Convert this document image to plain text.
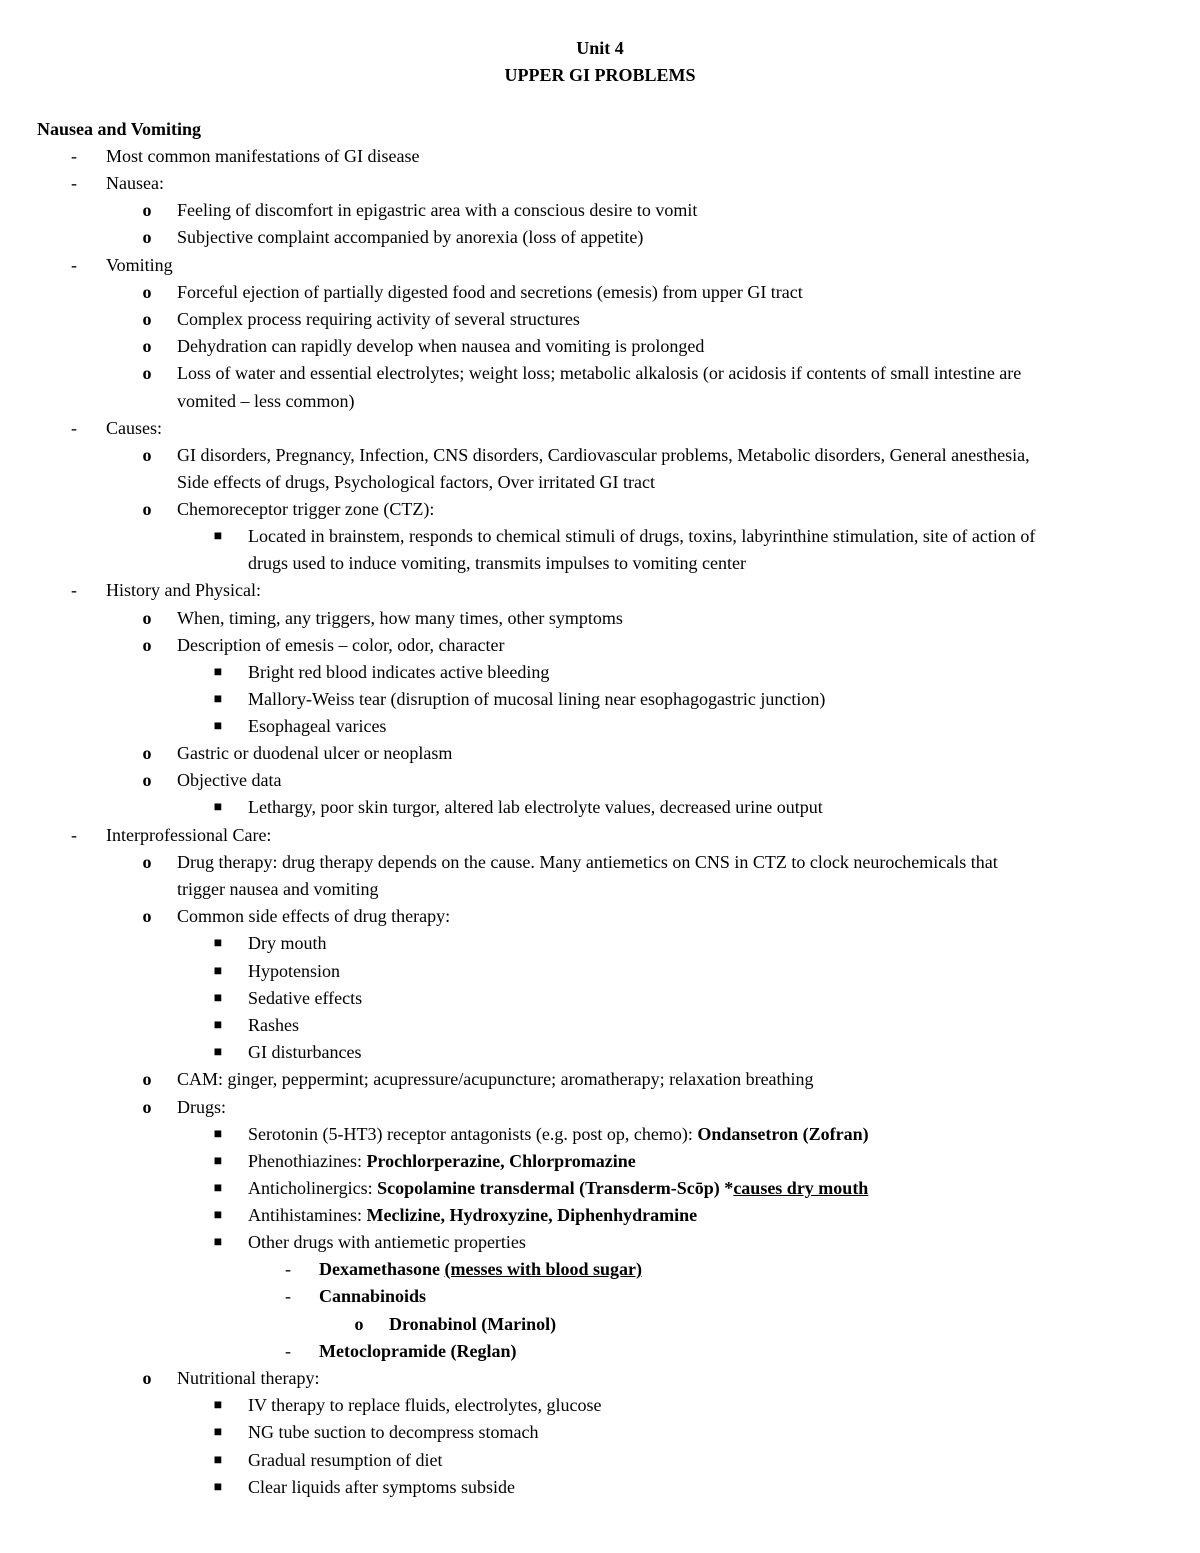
Unit 4
UPPER GI PROBLEMS
Nausea and Vomiting
-	Most common manifestations of GI disease
-	Nausea:
o	Feeling of discomfort in epigastric area with a conscious desire to vomit
o	Subjective complaint accompanied by anorexia (loss of appetite)
-	Vomiting
o	Forceful ejection of partially digested food and secretions (emesis) from upper GI tract
o	Complex process requiring activity of several structures
o	Dehydration can rapidly develop when nausea and vomiting is prolonged
o	Loss of water and essential electrolytes; weight loss; metabolic alkalosis (or acidosis if contents of small intestine are
vomited – less common)
-	Causes:
o	GI disorders, Pregnancy, Infection, CNS disorders, Cardiovascular problems, Metabolic disorders, General anesthesia,
Side effects of drugs, Psychological factors, Over irritated GI tract
o	Chemoreceptor trigger zone (CTZ):
■	Located in brainstem, responds to chemical stimuli of drugs, toxins, labyrinthine stimulation, site of action of
drugs used to induce vomiting, transmits impulses to vomiting center
-	History and Physical:
o	When, timing, any triggers, how many times, other symptoms
o	Description of emesis – color, odor, character
■	Bright red blood indicates active bleeding
■	Mallory-Weiss tear (disruption of mucosal lining near esophagogastric junction)
■	Esophageal varices
o	Gastric or duodenal ulcer or neoplasm
o	Objective data
■	Lethargy, poor skin turgor, altered lab electrolyte values, decreased urine output
-	Interprofessional Care:
o	Drug therapy: drug therapy depends on the cause. Many antiemetics on CNS in CTZ to clock neurochemicals that
trigger nausea and vomiting
o	Common side effects of drug therapy:
■	Dry mouth
■	Hypotension
■	Sedative effects
■	Rashes
■	GI disturbances
o	CAM: ginger, peppermint; acupressure/acupuncture; aromatherapy; relaxation breathing
o	Drugs:
■	Serotonin (5-HT3) receptor antagonists (e.g. post op, chemo): Ondansetron (Zofran)
■	Phenothiazines: Prochlorperazine, Chlorpromazine
■	Anticholinergics: Scopolamine transdermal (Transderm-Scōp) *causes dry mouth
■	Antihistamines: Meclizine, Hydroxyzine, Diphenhydramine
■	Other drugs with antiemetic properties
-	Dexamethasone (messes with blood sugar)
-	Cannabinoids
o	Dronabinol (Marinol)
-	Metoclopramide (Reglan)
o	Nutritional therapy:
■	IV therapy to replace fluids, electrolytes, glucose
■	NG tube suction to decompress stomach
■	Gradual resumption of diet
■	Clear liquids after symptoms subside
